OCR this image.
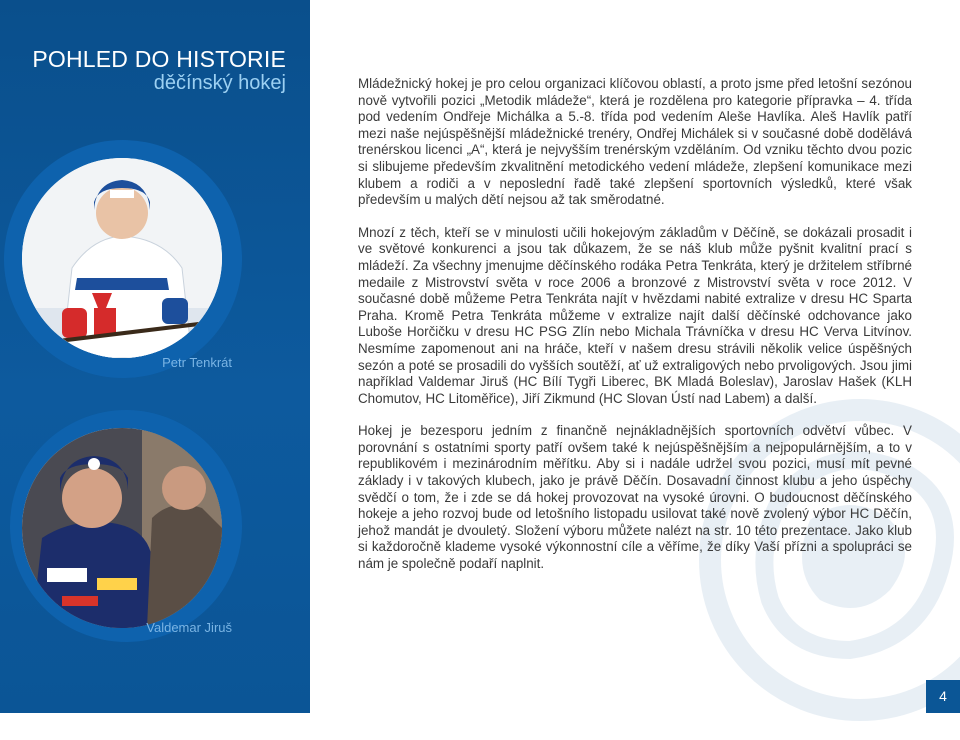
POHLED DO HISTORIE
děčínský hokej
Petr Tenkrát
Valdemar Jiruš

Mládežnický hokej je pro celou organizaci klíčovou oblastí, a proto jsme před letošní sezónou nově vytvořili pozici „Metodik mládeže“, která je rozdělena pro kategorie přípravka – 4. třída pod vedením Ondřeje Michálka a 5.-8. třída pod vedením Aleše Havlíka. Aleš Havlík patří mezi naše nejúspěšnější mládežnické trenéry, Ondřej Michálek si v současné době dodělává trenérskou licenci „A“, která je nejvyšším trenérským vzděláním. Od vzniku těchto dvou pozic si slibujeme především zkvalitnění metodického vedení mládeže, zlepšení komunikace mezi klubem a rodiči a v neposlední řadě také zlepšení sportovních výsledků, které však především u malých dětí nejsou až tak směrodatné.

Mnozí z těch, kteří se v minulosti učili hokejovým základům v Děčíně, se dokázali prosadit i ve světové konkurenci a jsou tak důkazem, že se náš klub může pyšnit kvalitní prací s mládeží. Za všechny jmenujme děčínského rodáka Petra Tenkráta, který je držitelem stříbrné medaile z Mistrovství světa v roce 2006 a bronzové z Mistrovství světa v roce 2012. V současné době můžeme Petra Tenkráta najít v hvězdami nabité extralize v dresu HC Sparta Praha. Kromě Petra Tenkráta můžeme v extralize najít další děčínské odchovance jako Luboše Horčičku v dresu HC PSG Zlín nebo Michala Trávníčka v dresu HC Verva Litvínov. Nesmíme zapomenout ani na hráče, kteří v našem dresu strávili několik velice úspěšných sezón a poté se prosadili do vyšších soutěží, ať už extraligových nebo prvoligových. Jsou jimi například Valdemar Jiruš (HC Bílí Tygři Liberec, BK Mladá Boleslav), Jaroslav Hašek (KLH Chomutov, HC Litoměřice), Jiří Zikmund (HC Slovan Ústí nad Labem) a další.

Hokej je bezesporu jedním z finančně nejnákladnějších sportovních odvětví vůbec. V porovnání s ostatními sporty patří ovšem také k nejúspěšnějším a nejpopulárnějším, a to v republikovém i mezinárodním měřítku. Aby si i nadále udržel svou pozici, musí mít pevné základy i v takových klubech, jako je právě Děčín. Dosavadní činnost klubu a jeho úspěchy svědčí o tom, že i zde se dá hokej provozovat na vysoké úrovni. O budoucnost děčínského hokeje a jeho rozvoj bude od letošního listopadu usilovat také nově zvolený výbor HC Děčín, jehož mandát je dvouletý. Složení výboru můžete nalézt na str. 10 této prezentace. Jako klub si každoročně klademe vysoké výkonnostní cíle a věříme, že díky Vaší přízni a spolupráci se nám je společně podaří naplnit.

4
